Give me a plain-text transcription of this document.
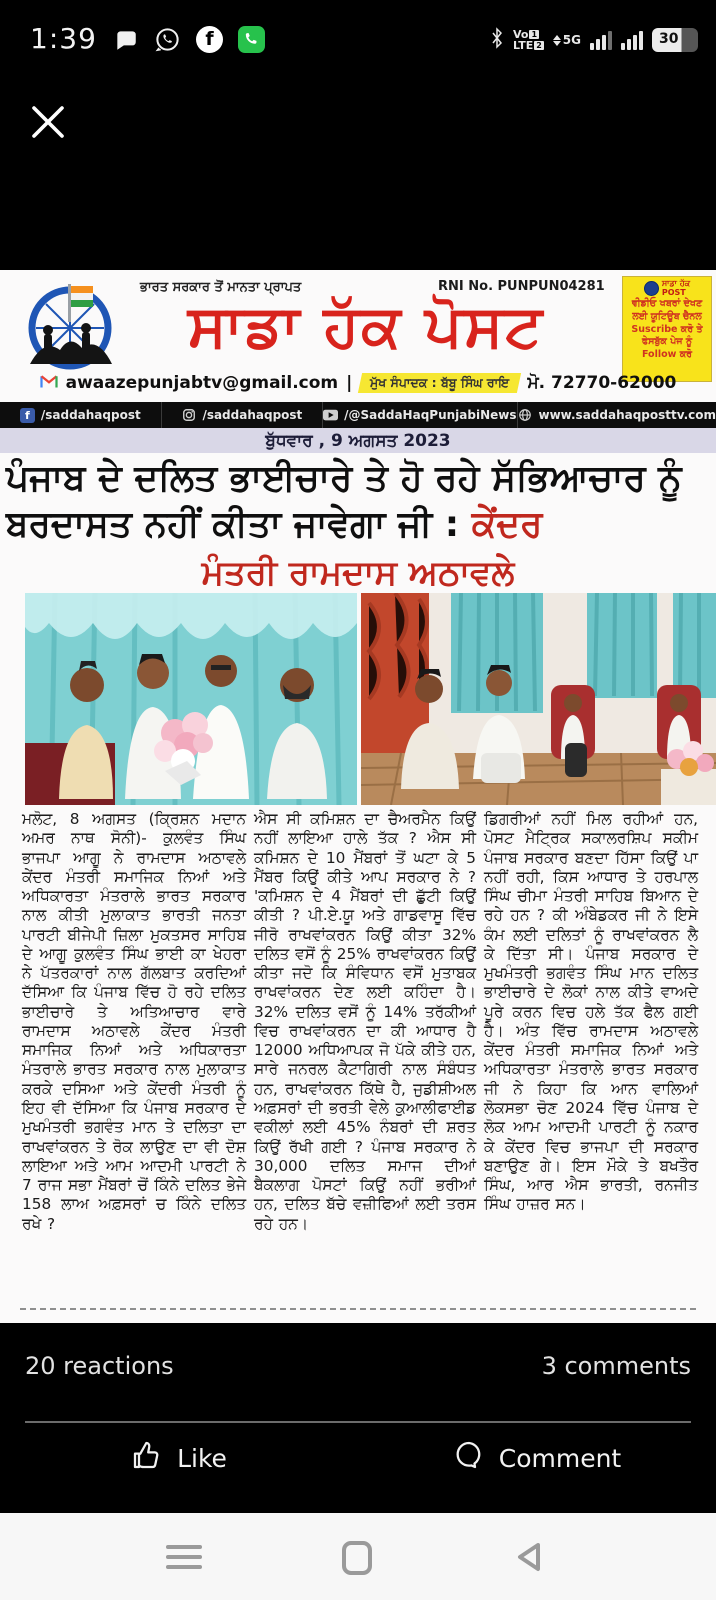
1:39	f	Vo 1
LTE 2 5G	30
ਭਾਰਤ ਸਰਕਾਰ ਤੋਂ ਮਾਨਤਾ ਪ੍ਰਾਪਤ	RNI No. PUNPUN04281
ਸਾਡਾ ਹੱਕ ਪੋਸਟ
ਸਾਡਾ ਹੱਕ
POST
ਵੀਡੀਓ ਖਬਰਾਂ ਦੇਖਣ ਲਈ ਯੂਟਿਊਬ ਚੈਨਲ Suscribe ਕਰੋ ਤੇ ਫੇਸਬੁੱਕ ਪੇਜ ਨੂੰ Follow ਕਰੋ
awaazepunjabtv@gmail.com |	ਮੁੱਖ ਸੰਪਾਦਕ : ਬੱਬੂ ਸਿੰਘ ਰਾਇ	ਮੋ. 72770-62000
f /saddahaqpost	/saddahaqpost	/@SaddaHaqPunjabiNews www.saddahaqposttv.com
ਬੁੱਧਵਾਰ , 9 ਅਗਸਤ 2023
ਪੰਜਾਬ ਦੇ ਦਲਿਤ ਭਾਈਚਾਰੇ ਤੇ ਹੋ ਰਹੇ ਸੱਭਿਆਚਾਰ ਨੂੰ ਬਰਦਾਸਤ ਨਹੀਂ ਕੀਤਾ ਜਾਵੇਗਾ ਜੀ : ਕੇਂਦਰ
ਮੰਤਰੀ ਰਾਮਦਾਸ ਅਠਾਵਲੇ
ਮਲੋਟ, 8 ਅਗਸਤ (ਕ੍ਰਿਸ਼ਨ ਮਦਾਨ ਅਮਰ ਨਾਥ ਸੋਨੀ)- ਕੁਲਵੰਤ ਸਿੰਘ ਭਾਜਪਾ ਆਗੂ ਨੇ ਰਾਮਦਾਸ ਅਠਾਵਲੇ ਕੇਂਦਰ ਮੰਤਰੀ ਸਮਾਜਿਕ ਨਿਆਂ ਅਤੇ ਅਧਿਕਾਰਤਾ ਮੰਤਰਾਲੇ ਭਾਰਤ ਸਰਕਾਰ ਨਾਲ ਕੀਤੀ ਮੁਲਾਕਾਤ ਭਾਰਤੀ ਜਨਤਾ ਪਾਰਟੀ ਬੀਜੇਪੀ ਜ਼ਿਲਾ ਮੁਕਤਸਰ ਸਾਹਿਬ ਦੇ ਆਗੂ ਕੁਲਵੰਤ ਸਿੰਘ ਭਾਈ ਕਾ ਖੇਹਰਾ ਨੇ ਪੱਤਰਕਾਰਾਂ ਨਾਲ ਗੱਲਬਾਤ ਕਰਦਿਆਂ ਦੱਸਿਆ ਕਿ ਪੰਜਾਬ ਵਿੱਚ ਹੋ ਰਹੇ ਦਲਿਤ ਭਾਈਚਾਰੇ ਤੇ ਅਤਿਆਚਾਰ ਵਾਰੇ ਰਾਮਦਾਸ ਅਠਾਵਲੇ ਕੇਂਦਰ ਮੰਤਰੀ ਸਮਾਜਿਕ ਨਿਆਂ ਅਤੇ ਅਧਿਕਾਰਤਾ ਮੰਤਰਾਲੇ ਭਾਰਤ ਸਰਕਾਰ ਨਾਲ ਮੁਲਾਕਾਤ ਕਰਕੇ ਦਸਿਆ ਅਤੇ ਕੇਂਦਰੀ ਮੰਤਰੀ ਨੂੰ ਇਹ ਵੀ ਦੱਸਿਆ ਕਿ ਪੰਜਾਬ ਸਰਕਾਰ ਦੇ ਮੁਖਮੰਤਰੀ ਭਗਵੰਤ ਮਾਨ ਤੇ ਦਲਿਤਾ ਦਾ ਰਾਖਵਾਂਕਰਨ ਤੇ ਰੋਕ ਲਾਉਣ ਦਾ ਵੀ ਦੋਸ਼ ਲਾਇਆ ਅਤੇ ਆਮ ਆਦਮੀ ਪਾਰਟੀ ਨੇ 7 ਰਾਜ ਸਭਾ ਮੈਂਬਰਾਂ ਚੋਂ ਕਿੰਨੇ ਦਲਿਤ ਭੇਜੇ 158 ਲਾਅ ਅਫ਼ਸਰਾਂ ਚ ਕਿੰਨੇ ਦਲਿਤ ਰਖੇ ?
ਐਸ ਸੀ ਕਮਿਸ਼ਨ ਦਾ ਚੈਅਰਮੈਨ ਕਿਉਂ ਨਹੀਂ ਲਾਇਆ ਹਾਲੇ ਤੱਕ ? ਐਸ ਸੀ ਕਮਿਸ਼ਨ ਦੇ 10 ਮੈਂਬਰਾਂ ਤੋਂ ਘਟਾ ਕੇ 5 ਮੈਂਬਰ ਕਿਉਂ ਕੀਤੇ ਆਪ ਸਰਕਾਰ ਨੇ ? 'ਕਮਿਸ਼ਨ ਦੇ 4 ਮੈਂਬਰਾਂ ਦੀ ਛੁੱਟੀ ਕਿਉਂ ਕੀਤੀ ? ਪੀ.ਏ.ਯੂ ਅਤੇ ਗਾਡਵਾਸੂ ਵਿੱਚ ਜੀਰੋ ਰਾਖਵਾਂਕਰਨ ਕਿਉਂ ਕੀਤਾ 32% ਦਲਿਤ ਵਸੋਂ ਨੂੰ 25% ਰਾਖਵਾਂਕਰਨ ਕਿਉਂ ਕੀਤਾ ਜਦੋ ਕਿ ਸੰਵਿਧਾਨ ਵਸੋਂ ਮੁਤਾਬਕ ਰਾਖਵਾਂਕਰਨ ਦੇਣ ਲਈ ਕਹਿੰਦਾ ਹੈ। 32% ਦਲਿਤ ਵਸੋਂ ਨੂੰ 14% ਤਰੱਕੀਆਂ ਵਿਚ ਰਾਖਵਾਂਕਰਨ ਦਾ ਕੀ ਆਧਾਰ ਹੈ 12000 ਅਧਿਆਪਕ ਜੋ ਪੱਕੇ ਕੀਤੇ ਹਨ, ਸਾਰੇ ਜਨਰਲ ਕੈਟਾਗਿਰੀ ਨਾਲ ਸੰਬੰਧਤ ਹਨ, ਰਾਖਵਾਂਕਰਨ ਕਿੱਥੇ ਹੈ, ਜੁਡੀਸ਼ੀਅਲ ਅਫ਼ਸਰਾਂ ਦੀ ਭਰਤੀ ਵੇਲੇ ਕੁਆਲੀਫਾਈਡ ਵਕੀਲਾਂ ਲਈ 45% ਨੰਬਰਾਂ ਦੀ ਸ਼ਰਤ ਕਿਉਂ ਰੱਖੀ ਗਈ ? ਪੰਜਾਬ ਸਰਕਾਰ ਨੇ 30,000 ਦਲਿਤ ਸਮਾਜ ਦੀਆਂ ਬੈਕਲਾਗ ਪੋਸਟਾਂ ਕਿਉਂ ਨਹੀਂ ਭਰੀਆਂ ਹਨ, ਦਲਿਤ ਬੱਚੇ ਵਜ਼ੀਫਿਆਂ ਲਈ ਤਰਸ ਰਹੇ ਹਨ।
ਡਿਗਰੀਆਂ ਨਹੀਂ ਮਿਲ ਰਹੀਆਂ ਹਨ, ਪੋਸਟ ਮੈਟ੍ਰਿਕ ਸਕਾਲਰਸ਼ਿਪ ਸਕੀਮ ਪੰਜਾਬ ਸਰਕਾਰ ਬਣਦਾ ਹਿੱਸਾ ਕਿਉਂ ਪਾ ਨਹੀਂ ਰਹੀ, ਕਿਸ ਆਧਾਰ ਤੇ ਹਰਪਾਲ ਸਿੰਘ ਚੀਮਾ ਮੰਤਰੀ ਸਾਹਿਬ ਬਿਆਨ ਦੇ ਰਹੇ ਹਨ ? ਕੀ ਅੰਬੇਡਕਰ ਜੀ ਨੇ ਇਸੇ ਕੰਮ ਲਈ ਦਲਿਤਾਂ ਨੂੰ ਰਾਖਵਾਂਕਰਨ ਲੈ ਕੇ ਦਿੱਤਾ ਸੀ। ਪੰਜਾਬ ਸਰਕਾਰ ਦੇ ਮੁਖਮੰਤਰੀ ਭਗਵੰਤ ਸਿੰਘ ਮਾਨ ਦਲਿਤ ਭਾਈਚਾਰੇ ਦੇ ਲੋਕਾਂ ਨਾਲ ਕੀਤੇ ਵਾਅਦੇ ਪੂਰੇ ਕਰਨ ਵਿਚ ਹਲੇ ਤੱਕ ਫੈਲ ਗਈ ਹੈ। ਅੰਤ ਵਿੱਚ ਰਾਮਦਾਸ ਅਠਾਵਲੇ ਕੇਂਦਰ ਮੰਤਰੀ ਸਮਾਜਿਕ ਨਿਆਂ ਅਤੇ ਅਧਿਕਾਰਤਾ ਮੰਤਰਾਲੇ ਭਾਰਤ ਸਰਕਾਰ ਜੀ ਨੇ ਕਿਹਾ ਕਿ ਆਨ ਵਾਲਿਆਂ ਲੋਕਸਭਾ ਚੋਣ 2024 ਵਿੱਚ ਪੰਜਾਬ ਦੇ ਲੋਕ ਆਮ ਆਦਮੀ ਪਾਰਟੀ ਨੂੰ ਨਕਾਰ ਕੇ ਕੇਂਦਰ ਵਿਚ ਭਾਜਪਾ ਦੀ ਸਰਕਾਰ ਬਣਾਉਣ ਗੇ। ਇਸ ਮੌਕੇ ਤੇ ਬਖਤੌਰ ਸਿੰਘ, ਆਰ ਐਸ ਭਾਰਤੀ, ਰਨਜੀਤ ਸਿੰਘ ਹਾਜ਼ਰ ਸਨ।
20 reactions	3 comments
Like	Comment
